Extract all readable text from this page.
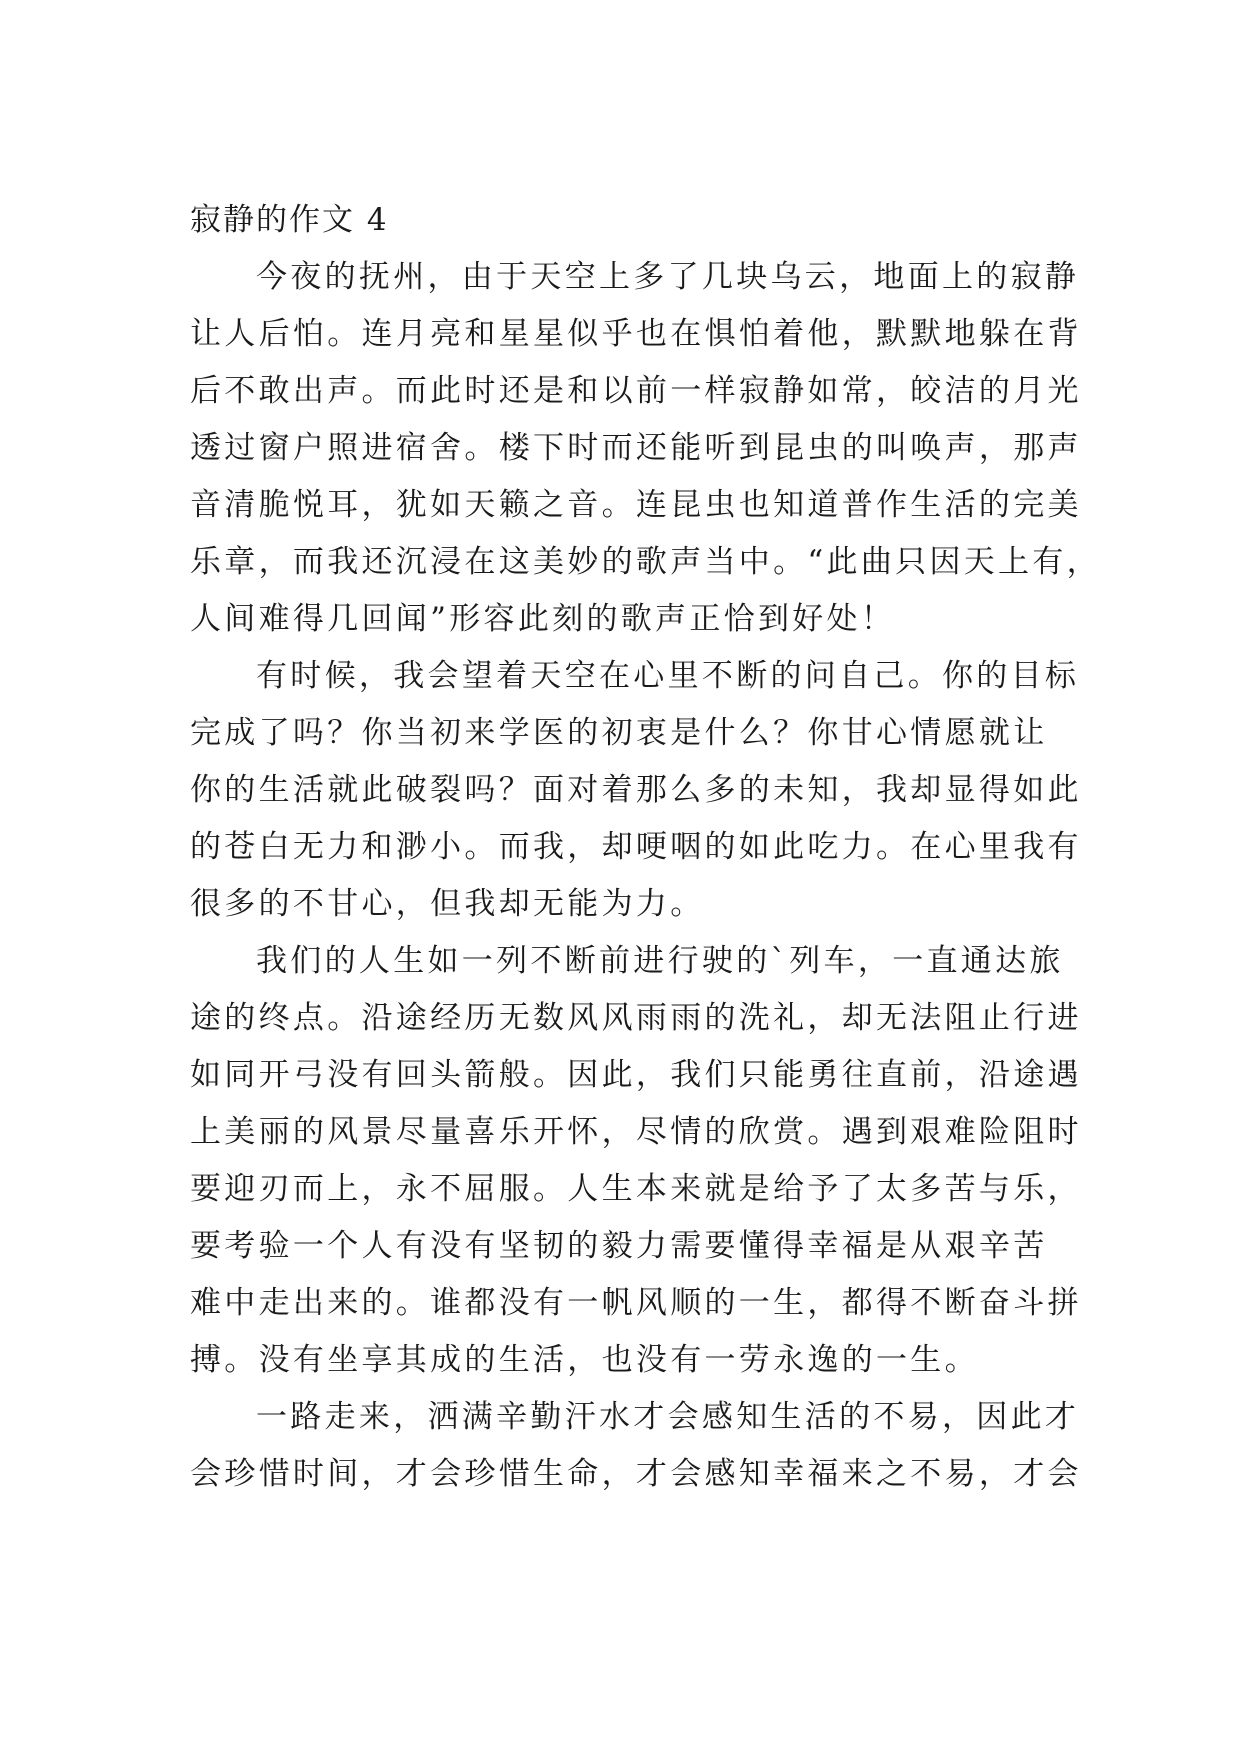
寂静的作文 4
今夜的抚州，由于天空上多了几块乌云，地面上的寂静
让人后怕。连月亮和星星似乎也在惧怕着他，默默地躲在背
后不敢出声。而此时还是和以前一样寂静如常，皎洁的月光
透过窗户照进宿舍。楼下时而还能听到昆虫的叫唤声，那声
音清脆悦耳，犹如天籁之音。连昆虫也知道普作生活的完美
乐章，而我还沉浸在这美妙的歌声当中。“此曲只因天上有，
人间难得几回闻”形容此刻的歌声正恰到好处！
有时候，我会望着天空在心里不断的问自己。你的目标
完成了吗？你当初来学医的初衷是什么？你甘心情愿就让
你的生活就此破裂吗？面对着那么多的未知，我却显得如此
的苍白无力和渺小。而我，却哽咽的如此吃力。在心里我有
很多的不甘心，但我却无能为力。
我们的人生如一列不断前进行驶的`列车，一直通达旅
途的终点。沿途经历无数风风雨雨的洗礼，却无法阻止行进
如同开弓没有回头箭般。因此，我们只能勇往直前，沿途遇
上美丽的风景尽量喜乐开怀，尽情的欣赏。遇到艰难险阻时
要迎刃而上，永不屈服。人生本来就是给予了太多苦与乐，
要考验一个人有没有坚韧的毅力需要懂得幸福是从艰辛苦
难中走出来的。谁都没有一帆风顺的一生，都得不断奋斗拼
搏。没有坐享其成的生活，也没有一劳永逸的一生。
一路走来，洒满辛勤汗水才会感知生活的不易，因此才
会珍惜时间，才会珍惜生命，才会感知幸福来之不易，才会
